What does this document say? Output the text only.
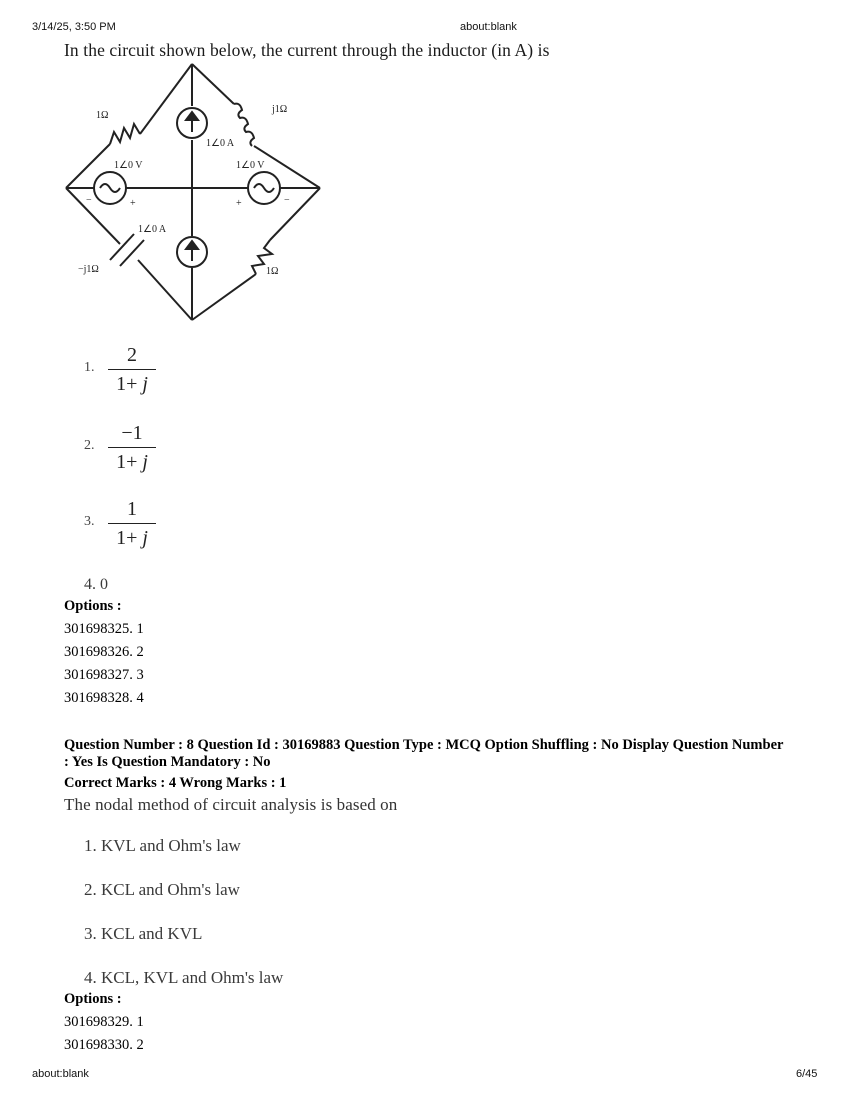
3/14/25, 3:50 PM	about:blank
In the circuit shown below, the current through the inductor (in A) is
1Ω
j1Ω
1∠0 A
1∠0 V	1∠0 V
1∠0 A
−j1Ω	1Ω
−	+	+	−
1.
2
1+ j
2.
−1
1+ j
3.
1
1+ j
4. 0
Options :
301698325. 1
301698326. 2
301698327. 3
301698328. 4
Question Number : 8 Question Id : 30169883 Question Type : MCQ Option Shuffling : No Display Question Number : Yes Is Question Mandatory : No
Correct Marks : 4 Wrong Marks : 1
The nodal method of circuit analysis is based on
1. KVL and Ohm's law
2. KCL and Ohm's law
3. KCL and KVL
4. KCL, KVL and Ohm's law
Options :
301698329. 1
301698330. 2
about:blank	6/45
